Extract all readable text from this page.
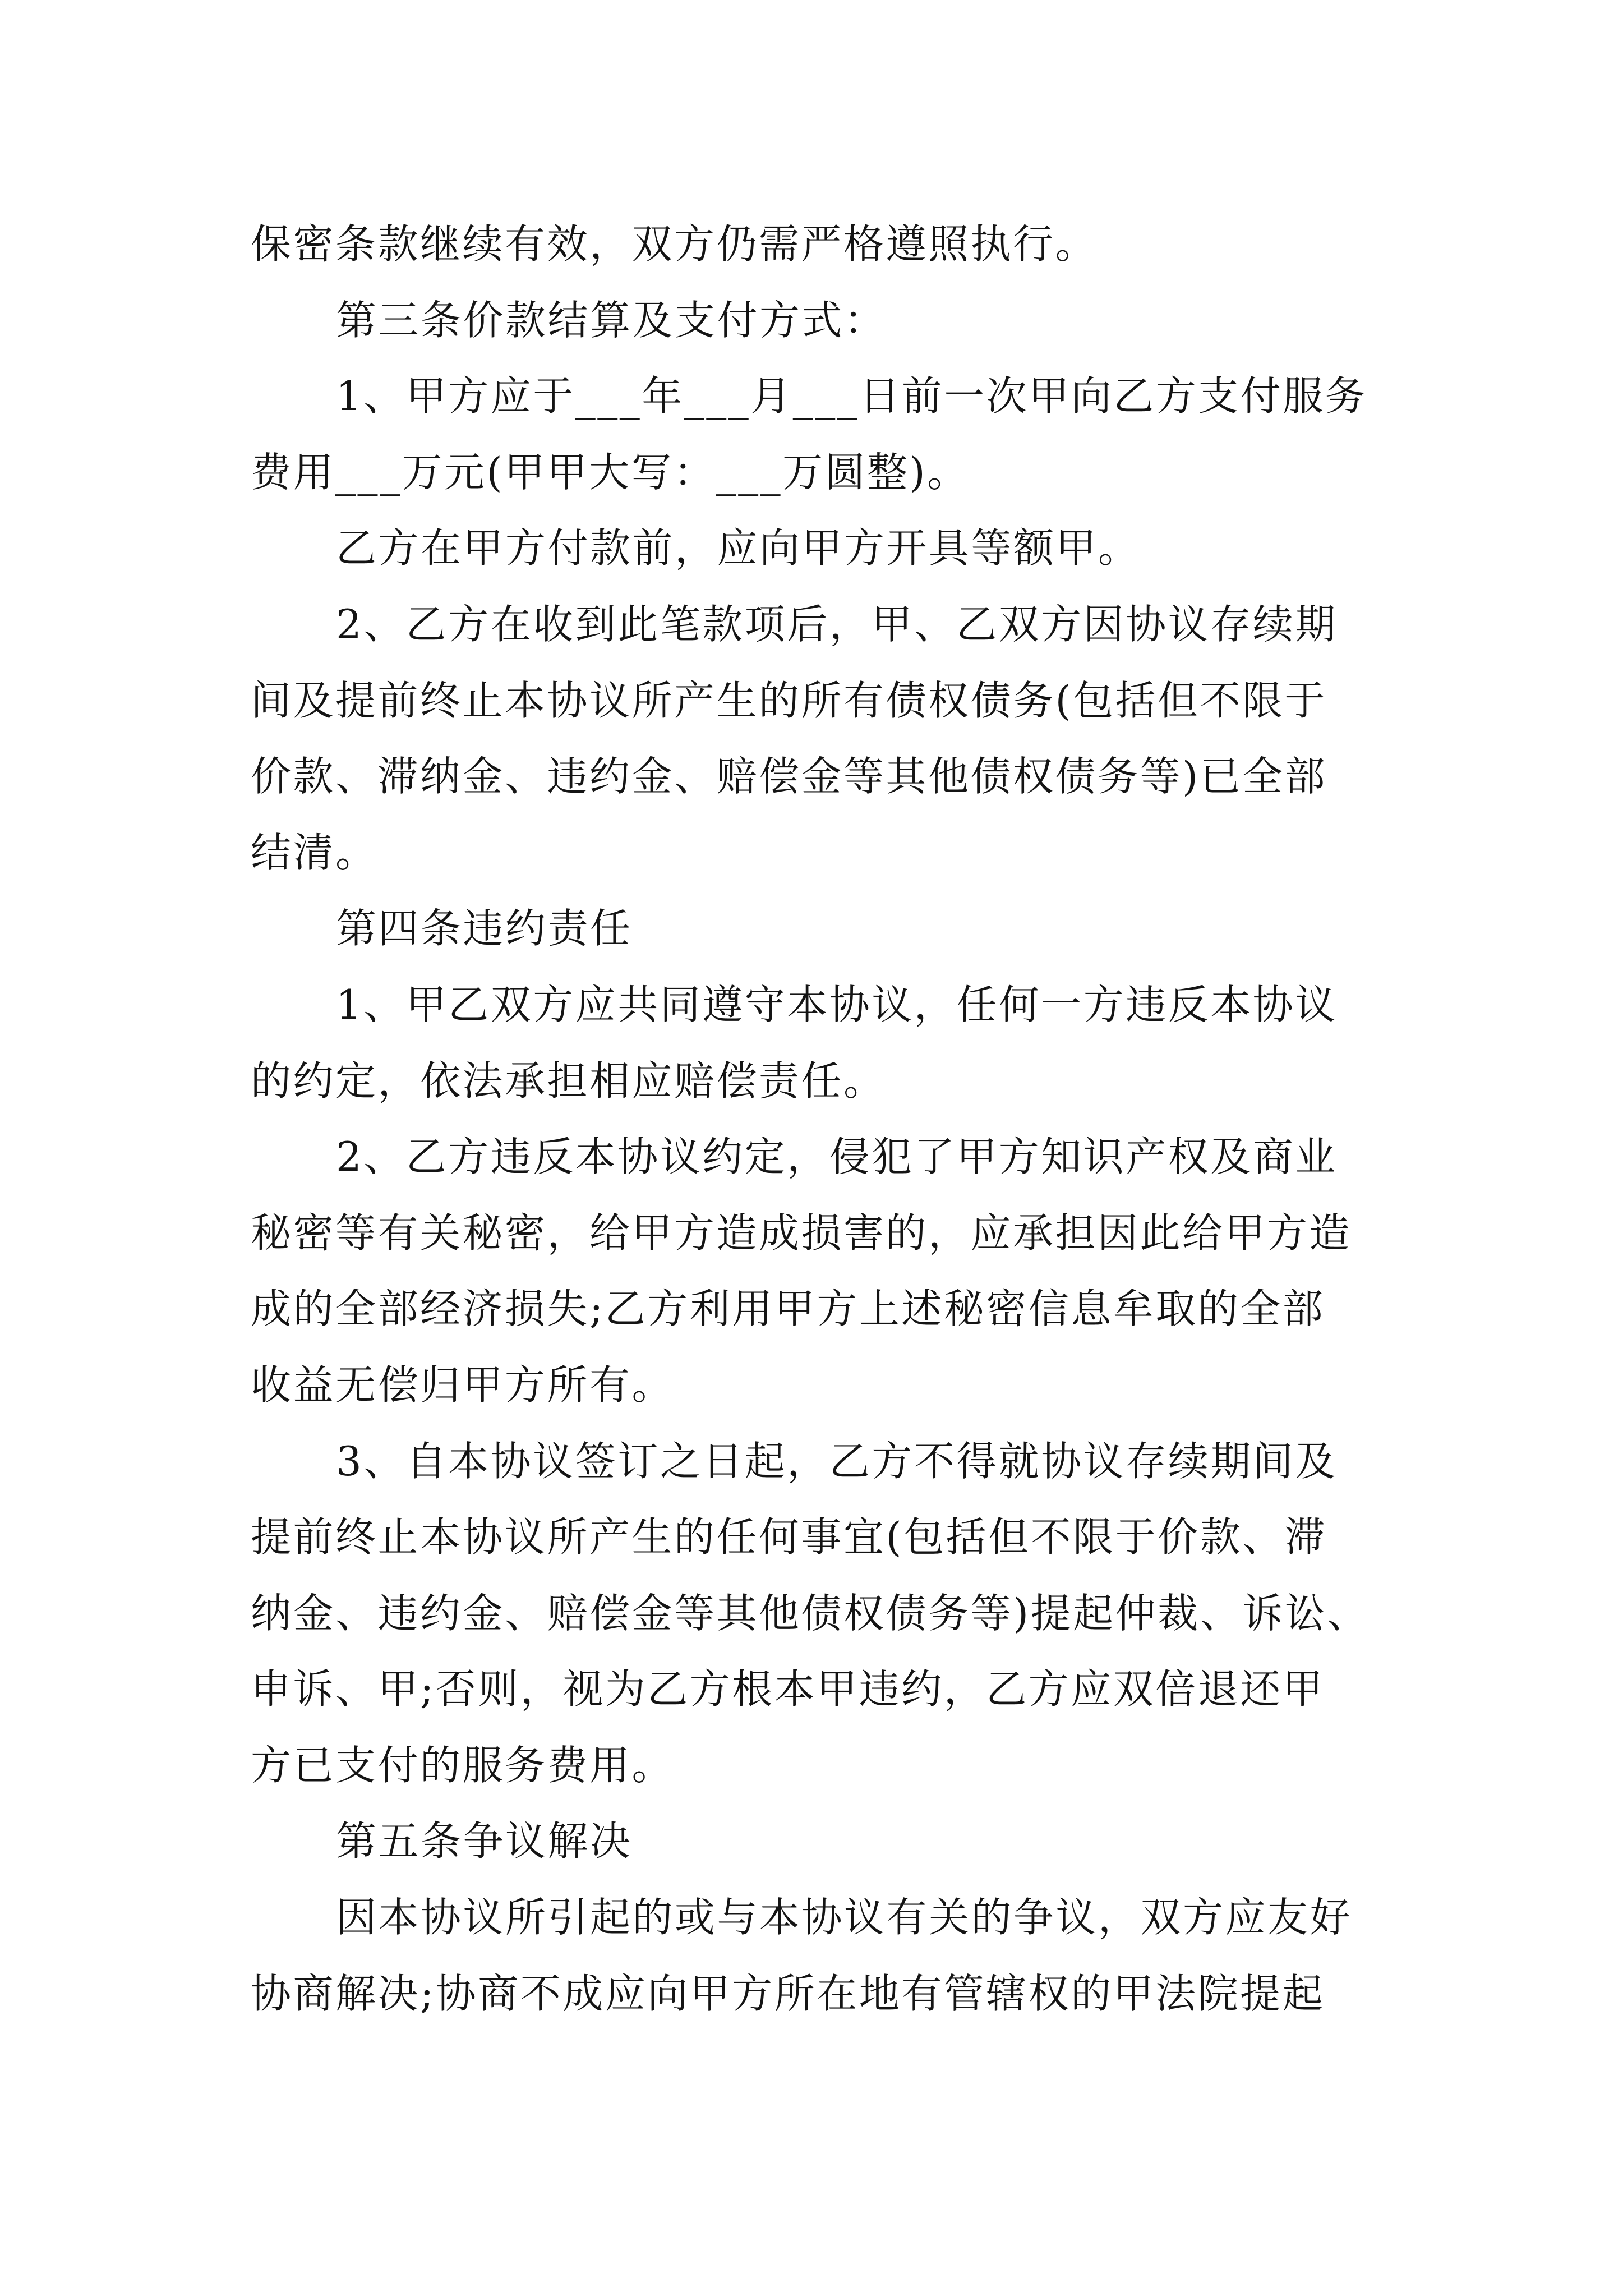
保密条款继续有效，双方仍需严格遵照执行。
第三条价款结算及支付方式：
1、甲方应于___年___月___日前一次甲向乙方支付服务
费用___万元(甲甲大写：___万圆整)。
乙方在甲方付款前，应向甲方开具等额甲。
2、乙方在收到此笔款项后，甲、乙双方因协议存续期
间及提前终止本协议所产生的所有债权债务(包括但不限于
价款、滞纳金、违约金、赔偿金等其他债权债务等)已全部
结清。
第四条违约责任
1、甲乙双方应共同遵守本协议，任何一方违反本协议
的约定，依法承担相应赔偿责任。
2、乙方违反本协议约定，侵犯了甲方知识产权及商业
秘密等有关秘密，给甲方造成损害的，应承担因此给甲方造
成的全部经济损失;乙方利用甲方上述秘密信息牟取的全部
收益无偿归甲方所有。
3、自本协议签订之日起，乙方不得就协议存续期间及
提前终止本协议所产生的任何事宜(包括但不限于价款、滞
纳金、违约金、赔偿金等其他债权债务等)提起仲裁、诉讼、
申诉、甲;否则，视为乙方根本甲违约，乙方应双倍退还甲
方已支付的服务费用。
第五条争议解决
因本协议所引起的或与本协议有关的争议，双方应友好
协商解决;协商不成应向甲方所在地有管辖权的甲法院提起
